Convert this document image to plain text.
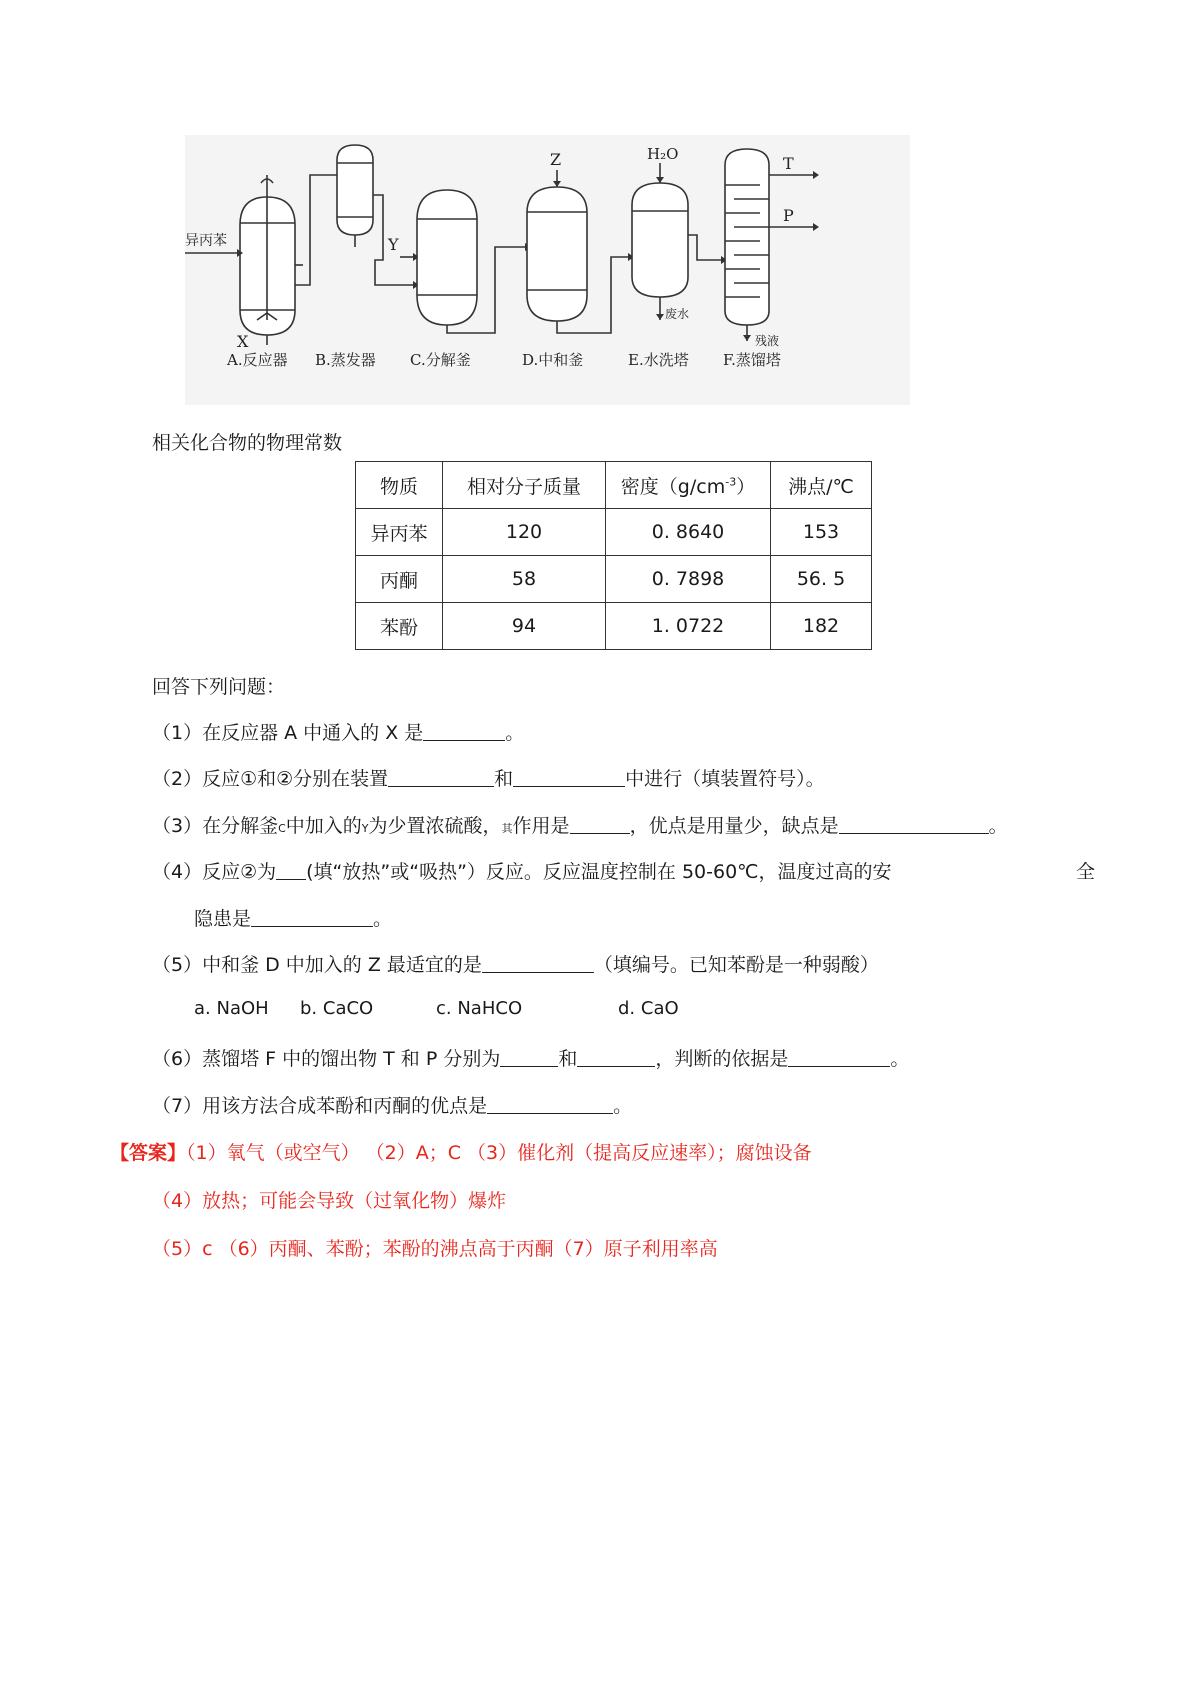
异丙苯
X
Y
Z	H₂O
废水
T
P
残液
A.反应器 B.蒸发器 C.分解釜	D.中和釜	E.水洗塔 F.蒸馏塔
相关化合物的物理常数
物质	相对分子质量	密度$(g/cm^{-3})$	沸点/℃
异丙苯	120	0. 8640	153
丙酮	58	0. 7898	56. 5
苯酚	94	1. 0722	182
回答下列问题：
（1）在反应器 A 中通入的 X 是	。
（2）反应①和②分别在装置	和	中进行（填装置符号）。
（3）在分解釜C中加入的Y为少置浓硫酸，其作用是	，优点是用量少，缺点是	。
（4）反应②为 (填“放热”或“吸热”）反应。反应温度控制在 50-60℃，温度过高的安	全
隐患是	。
（5）中和釜 D 中加入的 Z 最适宜的是	（填编号。已知苯酚是一种弱酸）
a. NaOH b. CaCO	c. NaHCO	d. CaO
（6）蒸馏塔 F 中的馏出物 T 和 P 分别为	和	，判断的依据是	。
（7）用该方法合成苯酚和丙酮的优点是	。
【答案】（1）氧气（或空气） （2）A；C （3）催化剂（提高反应速率）；腐蚀设备
（4）放热；可能会导致（过氧化物）爆炸
（5）c （6）丙酮、苯酚；苯酚的沸点高于丙酮（7）原子利用率高
